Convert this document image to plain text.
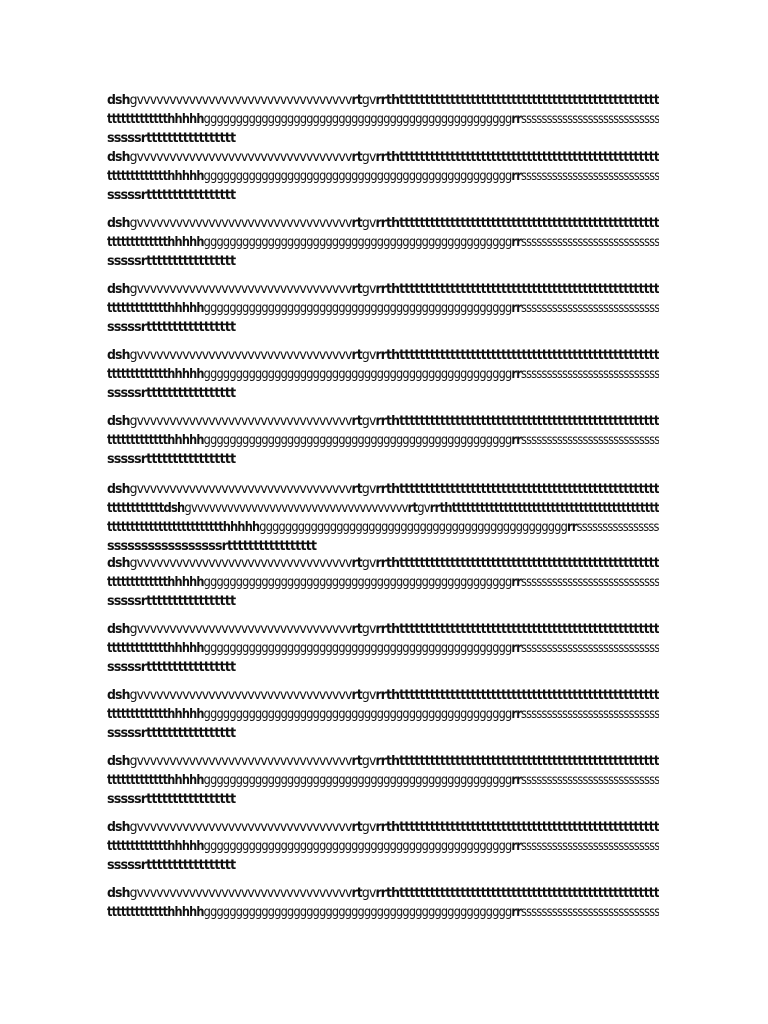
dshgvvvvvvvvvvvvvvvvvvvvvvvvvvvvvvvvvrtgvrrthttttttttttttttttttttttttttttttttttttttttttttttttttt
ttttttttttttthhhhhggggggggggggggggggggggggggggggggggggggggggggggggrrsssssssssssssssssssssssssss
sssssrttttttttttttttttt
dshgvvvvvvvvvvvvvvvvvvvvvvvvvvvvvvvvvrtgvrrthttttttttttttttttttttttttttttttttttttttttttttttttttt
ttttttttttttthhhhhggggggggggggggggggggggggggggggggggggggggggggggggrrsssssssssssssssssssssssssss
sssssrttttttttttttttttt
dshgvvvvvvvvvvvvvvvvvvvvvvvvvvvvvvvvvrtgvrrthttttttttttttttttttttttttttttttttttttttttttttttttttt
ttttttttttttthhhhhggggggggggggggggggggggggggggggggggggggggggggggggrrsssssssssssssssssssssssssss
sssssrttttttttttttttttt
dshgvvvvvvvvvvvvvvvvvvvvvvvvvvvvvvvvvrtgvrrthttttttttttttttttttttttttttttttttttttttttttttttttttt
ttttttttttttthhhhhggggggggggggggggggggggggggggggggggggggggggggggggrrsssssssssssssssssssssssssss
sssssrttttttttttttttttt
dshgvvvvvvvvvvvvvvvvvvvvvvvvvvvvvvvvvrtgvrrthttttttttttttttttttttttttttttttttttttttttttttttttttt
ttttttttttttthhhhhggggggggggggggggggggggggggggggggggggggggggggggggrrsssssssssssssssssssssssssss
sssssrttttttttttttttttt
dshgvvvvvvvvvvvvvvvvvvvvvvvvvvvvvvvvvrtgvrrthttttttttttttttttttttttttttttttttttttttttttttttttttt
ttttttttttttthhhhhggggggggggggggggggggggggggggggggggggggggggggggggrrsssssssssssssssssssssssssss
sssssrttttttttttttttttt
dshgvvvvvvvvvvvvvvvvvvvvvvvvvvvvvvvvvrtgvrrthttttttttttttttttttttttttttttttttttttttttttttttttttt
ttttttttttttdshgvvvvvvvvvvvvvvvvvvvvvvvvvvvvvvvvvvvvrtgvrrthtttttttttttttttttttttttttttttttttttttttttttt
ttttttttttttttttttttttttthhhhhggggggggggggggggggggggggggggggggggggggggggggggggrrssssssssssssssss
sssssssssssssssssrttttttttttttttttt
dshgvvvvvvvvvvvvvvvvvvvvvvvvvvvvvvvvvrtgvrrthttttttttttttttttttttttttttttttttttttttttttttttttttt
ttttttttttttthhhhhggggggggggggggggggggggggggggggggggggggggggggggggrrsssssssssssssssssssssssssss
sssssrttttttttttttttttt
dshgvvvvvvvvvvvvvvvvvvvvvvvvvvvvvvvvvrtgvrrthttttttttttttttttttttttttttttttttttttttttttttttttttt
ttttttttttttthhhhhggggggggggggggggggggggggggggggggggggggggggggggggrrsssssssssssssssssssssssssss
sssssrttttttttttttttttt
dshgvvvvvvvvvvvvvvvvvvvvvvvvvvvvvvvvvrtgvrrthttttttttttttttttttttttttttttttttttttttttttttttttttt
ttttttttttttthhhhhggggggggggggggggggggggggggggggggggggggggggggggggrrsssssssssssssssssssssssssss
sssssrttttttttttttttttt
dshgvvvvvvvvvvvvvvvvvvvvvvvvvvvvvvvvvrtgvrrthttttttttttttttttttttttttttttttttttttttttttttttttttt
ttttttttttttthhhhhggggggggggggggggggggggggggggggggggggggggggggggggrrsssssssssssssssssssssssssss
sssssrttttttttttttttttt
dshgvvvvvvvvvvvvvvvvvvvvvvvvvvvvvvvvvrtgvrrthttttttttttttttttttttttttttttttttttttttttttttttttttt
ttttttttttttthhhhhggggggggggggggggggggggggggggggggggggggggggggggggrrsssssssssssssssssssssssssss
sssssrttttttttttttttttt
dshgvvvvvvvvvvvvvvvvvvvvvvvvvvvvvvvvvrtgvrrthttttttttttttttttttttttttttttttttttttttttttttttttttt
ttttttttttttthhhhhggggggggggggggggggggggggggggggggggggggggggggggggrrsssssssssssssssssssssssssss
